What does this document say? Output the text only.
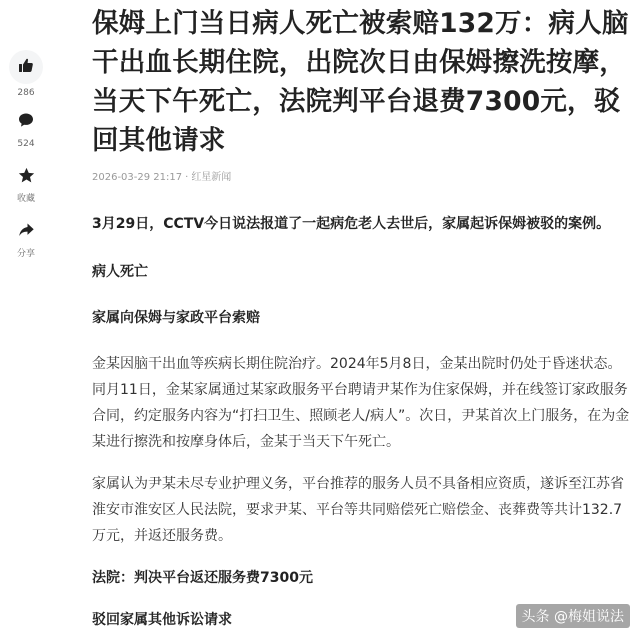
286
524
收藏
分享
保姆上门当日病人死亡被索赔132万：病人脑干出血长期住院，出院次日由保姆擦洗按摩，当天下午死亡，法院判平台退费7300元，驳回其他请求
2026-03-29 21:17 · 红星新闻

3月29日，CCTV今日说法报道了一起病危老人去世后，家属起诉保姆被驳的案例。

病人死亡

家属向保姆与家政平台索赔

金某因脑干出血等疾病长期住院治疗。2024年5月8日，金某出院时仍处于昏迷状态。同月11日，金某家属通过某家政服务平台聘请尹某作为住家保姆，并在线签订家政服务合同，约定服务内容为“打扫卫生、照顾老人/病人”。次日，尹某首次上门服务，在为金某进行擦洗和按摩身体后，金某于当天下午死亡。

家属认为尹某未尽专业护理义务，平台推荐的服务人员不具备相应资质，遂诉至江苏省淮安市淮安区人民法院，要求尹某、平台等共同赔偿死亡赔偿金、丧葬费等共计132.7万元，并返还服务费。

法院：判决平台返还服务费7300元

驳回家属其他诉讼请求	头条 @梅姐说法
